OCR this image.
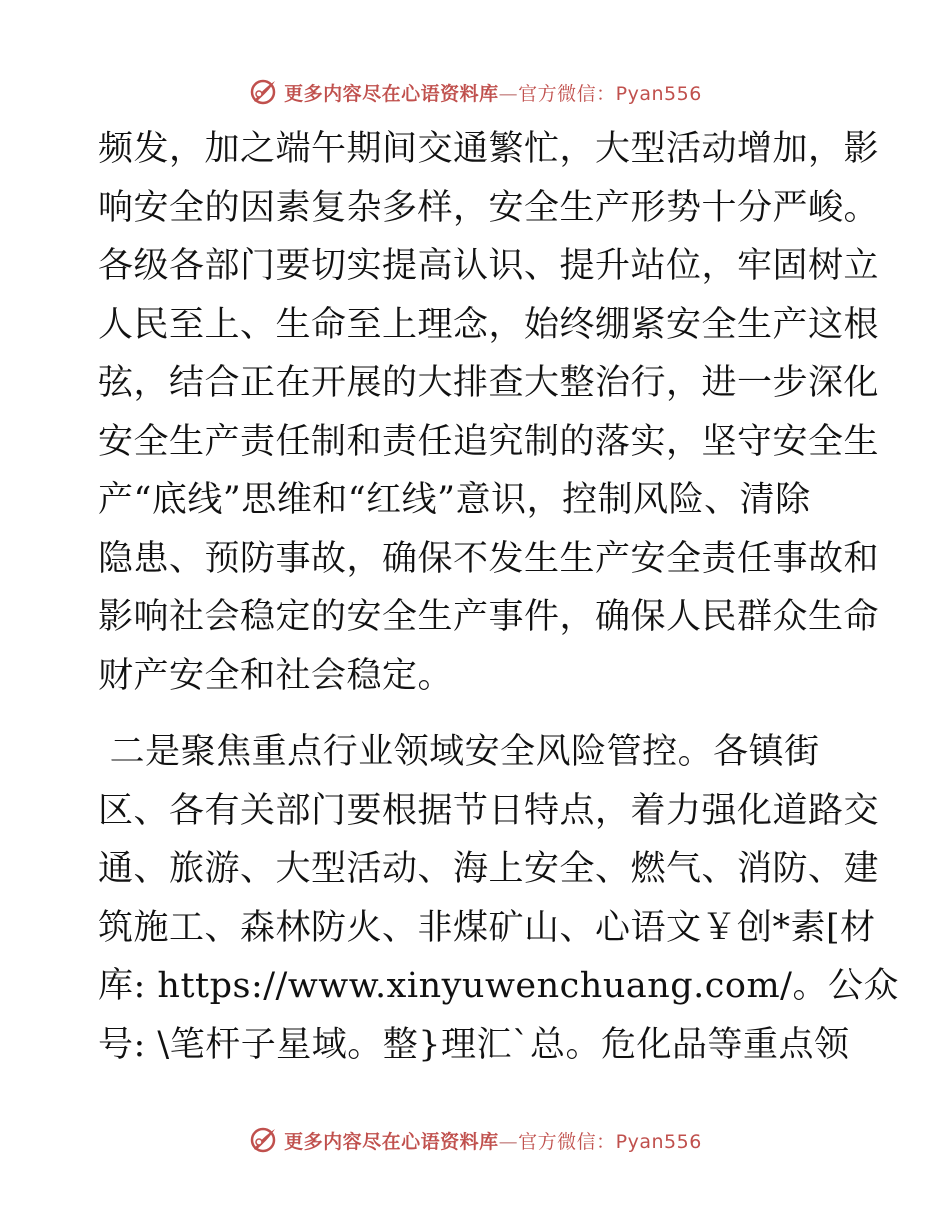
更多内容尽在心语资料库—官方微信：Pyan556
频发，加之端午期间交通繁忙，大型活动增加，影
响安全的因素复杂多样，安全生产形势十分严峻。
各级各部门要切实提高认识、提升站位，牢固树立
人民至上、生命至上理念，始终绷紧安全生产这根
弦，结合正在开展的大排查大整治行，进一步深化
安全生产责任制和责任追究制的落实，坚守安全生
产“底线”思维和“红线”意识，控制风险、清除
隐患、预防事故，确保不发生生产安全责任事故和
影响社会稳定的安全生产事件，确保人民群众生命
财产安全和社会稳定。
二是聚焦重点行业领域安全风险管控。各镇街
区、各有关部门要根据节日特点，着力强化道路交
通、旅游、大型活动、海上安全、燃气、消防、建
筑施工、森林防火、非煤矿山、心语文￥创*素[材
库: https://www.xinyuwenchuang.com/。公众
号: \笔杆子星域。整}理汇`总。危化品等重点领
更多内容尽在心语资料库—官方微信：Pyan556
